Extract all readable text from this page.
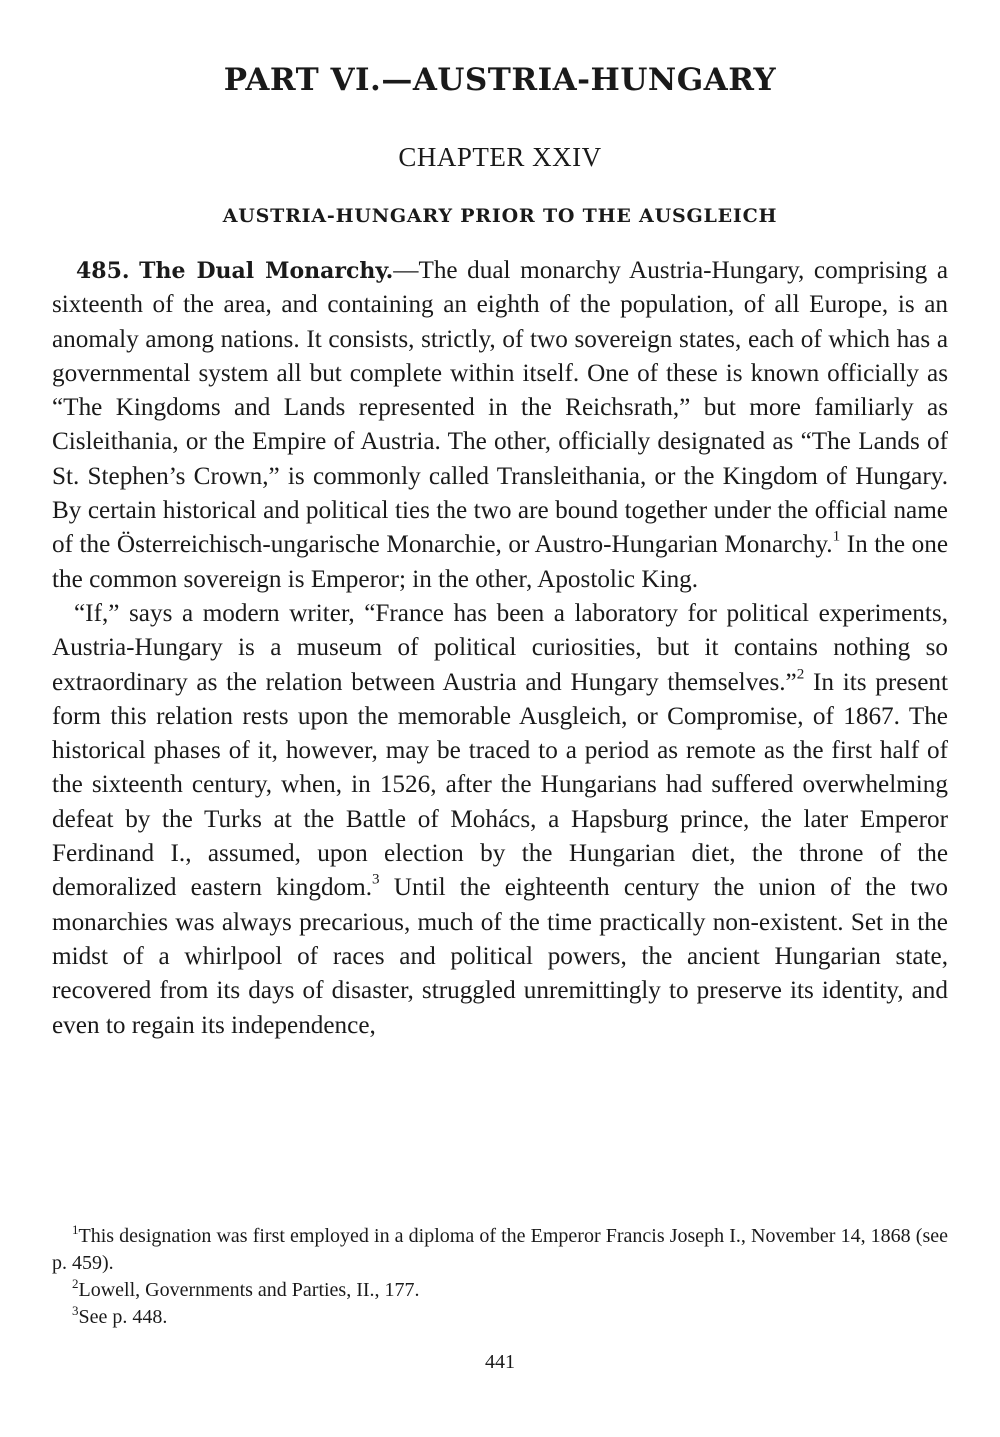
PART VI.—AUSTRIA-HUNGARY
CHAPTER XXIV
AUSTRIA-HUNGARY PRIOR TO THE AUSGLEICH

485. The Dual Monarchy.—The dual monarchy Austria-Hungary, comprising a sixteenth of the area, and containing an eighth of the population, of all Europe, is an anomaly among nations. It consists, strictly, of two sovereign states, each of which has a governmental system all but complete within itself. One of these is known officially as “The Kingdoms and Lands represented in the Reichsrath,” but more familiarly as Cisleithania, or the Empire of Austria. The other, officially designated as “The Lands of St. Stephen’s Crown,” is commonly called Transleithania, or the Kingdom of Hungary. By certain historical and political ties the two are bound together under the official name of the Österreichisch-ungarische Monarchie, or Austro-Hungarian Monarchy.$^1$ In the one the common sovereign is Emperor; in the other, Apostolic King.

“If,” says a modern writer, “France has been a laboratory for political experiments, Austria-Hungary is a museum of political curiosities, but it contains nothing so extraordinary as the relation between Austria and Hungary themselves.”$^2$ In its present form this relation rests upon the memorable Ausgleich, or Compromise, of 1867. The historical phases of it, however, may be traced to a period as remote as the first half of the sixteenth century, when, in 1526, after the Hungarians had suffered overwhelming defeat by the Turks at the Battle of Mohács, a Hapsburg prince, the later Emperor Ferdinand I., assumed, upon election by the Hungarian diet, the throne of the demoralized eastern kingdom.$^3$ Until the eighteenth century the union of the two monarchies was always precarious, much of the time practically non-existent. Set in the midst of a whirlpool of races and political powers, the ancient Hungarian state, recovered from its days of disaster, struggled unremittingly to preserve its identity, and even to regain its independence,

$^1$This designation was first employed in a diploma of the Emperor Francis Joseph I., November 14, 1868 (see p. 459).

$^2$Lowell, Governments and Parties, II., 177.

$^3$See p. 448.

441
